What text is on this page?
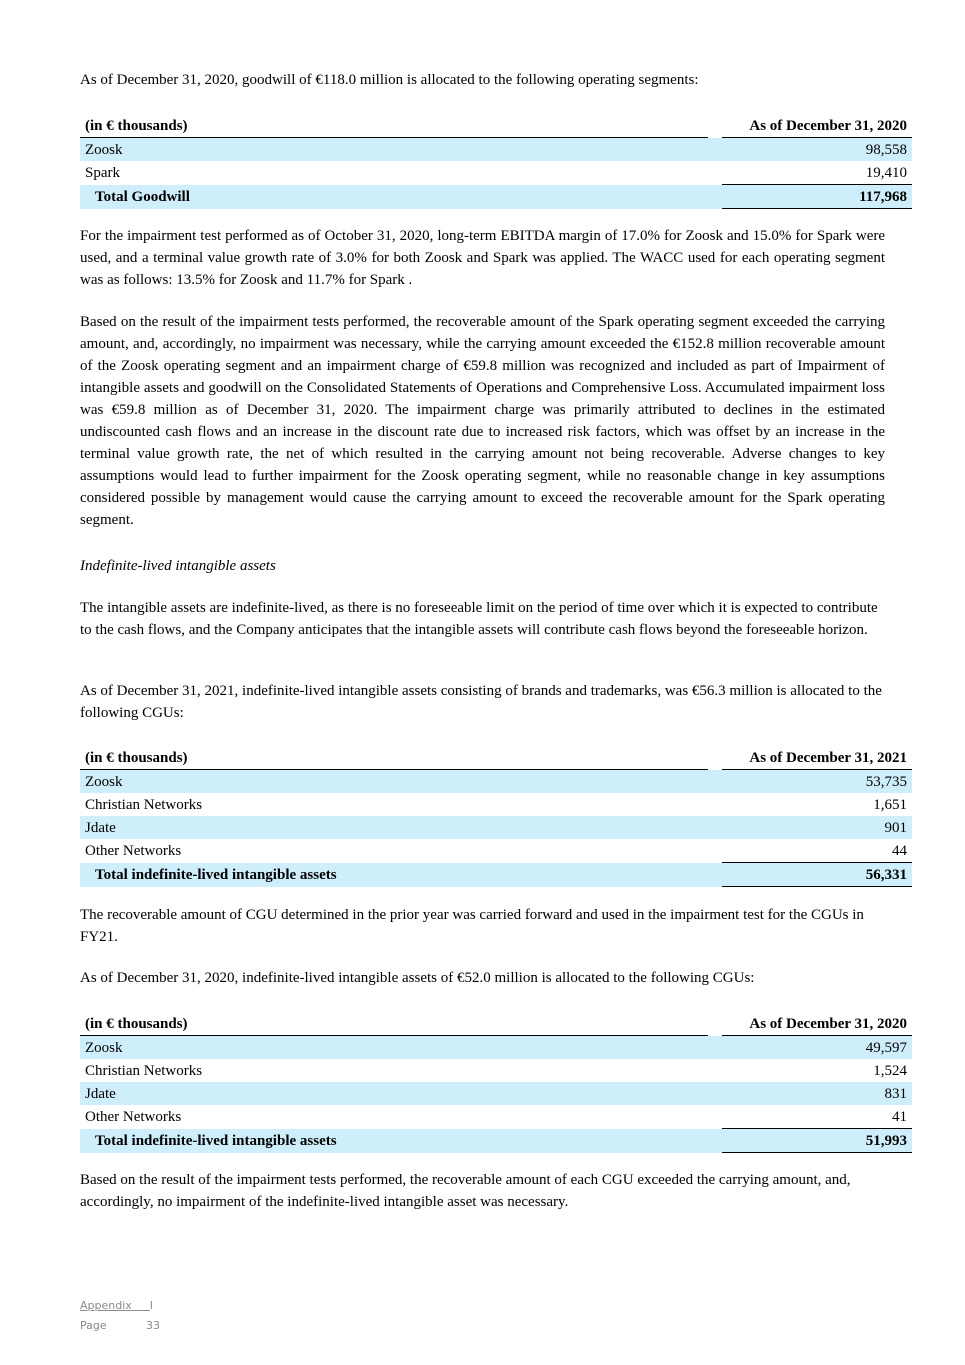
As of December 31, 2020, goodwill of €118.0 million is allocated to the following operating segments:

(in € thousands)		As of December 31, 2020
Zoosk		98,558
Spark		19,410
Total Goodwill		117,968

For the impairment test performed as of October 31, 2020, long-term EBITDA margin of 17.0% for Zoosk and 15.0% for Spark were used, and a terminal value growth rate of 3.0% for both Zoosk and Spark was applied. The WACC used for each operating segment was as follows: 13.5% for Zoosk and 11.7% for Spark .

Based on the result of the impairment tests performed, the recoverable amount of the Spark operating segment exceeded the carrying amount, and, accordingly, no impairment was necessary, while the carrying amount exceeded the €152.8 million recoverable amount of the Zoosk operating segment and an impairment charge of €59.8 million was recognized and included as part of Impairment of intangible assets and goodwill on the Consolidated Statements of Operations and Comprehensive Loss. Accumulated impairment loss was €59.8 million as of December 31, 2020. The impairment charge was primarily attributed to declines in the estimated undiscounted cash flows and an increase in the discount rate due to increased risk factors, which was offset by an increase in the terminal value growth rate, the net of which resulted in the carrying amount not being recoverable. Adverse changes to key assumptions would lead to further impairment for the Zoosk operating segment, while no reasonable change in key assumptions considered possible by management would cause the carrying amount to exceed the recoverable amount for the Spark operating segment.

Indefinite-lived intangible assets

The intangible assets are indefinite-lived, as there is no foreseeable limit on the period of time over which it is expected to contribute to the cash flows, and the Company anticipates that the intangible assets will contribute cash flows beyond the foreseeable horizon.

As of December 31, 2021, indefinite-lived intangible assets consisting of brands and trademarks, was €56.3 million is allocated to the following CGUs:

(in € thousands)		As of December 31, 2021
Zoosk		53,735
Christian Networks		1,651
Jdate		901
Other Networks		44
Total indefinite-lived intangible assets		56,331

The recoverable amount of CGU determined in the prior year was carried forward and used in the impairment test for the CGUs in FY21.

As of December 31, 2020, indefinite-lived intangible assets of €52.0 million is allocated to the following CGUs:

(in € thousands)		As of December 31, 2020
Zoosk		49,597
Christian Networks		1,524
Jdate		831
Other Networks		41
Total indefinite-lived intangible assets		51,993

Based on the result of the impairment tests performed, the recoverable amount of each CGU exceeded the carrying amount, and, accordingly, no impairment of the indefinite-lived intangible asset was necessary.

Appendix I
Page	33
